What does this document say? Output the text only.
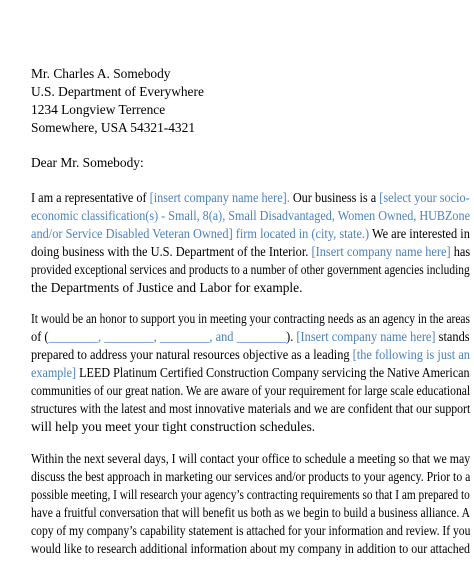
Mr. Charles A. Somebody
U.S. Department of Everywhere
1234 Longview Terrence
Somewhere, USA 54321-4321
Dear Mr. Somebody:
I am a representative of [insert company name here]. Our business is a [select your socio-
economic classification(s) - Small, 8(a), Small Disadvantaged, Women Owned, HUBZone
and/or Service Disabled Veteran Owned] firm located in (city, state.) We are interested in
doing business with the U.S. Department of the Interior. [Insert company name here] has
provided exceptional services and products to a number of other government agencies including
the Departments of Justice and Labor for example.
It would be an honor to support you in meeting your contracting needs as an agency in the areas
of (________, ________, ________, and ________). [Insert company name here] stands
prepared to address your natural resources objective as a leading [the following is just an
example] LEED Platinum Certified Construction Company servicing the Native American
communities of our great nation. We are aware of your requirement for large scale educational
structures with the latest and most innovative materials and we are confident that our support
will help you meet your tight construction schedules.
Within the next several days, I will contact your office to schedule a meeting so that we may
discuss the best approach in marketing our services and/or products to your agency. Prior to a
possible meeting, I will research your agency’s contracting requirements so that I am prepared to
have a fruitful conversation that will benefit us both as we begin to build a business alliance. A
copy of my company’s capability statement is attached for your information and review. If you
would like to research additional information about my company in addition to our attached
